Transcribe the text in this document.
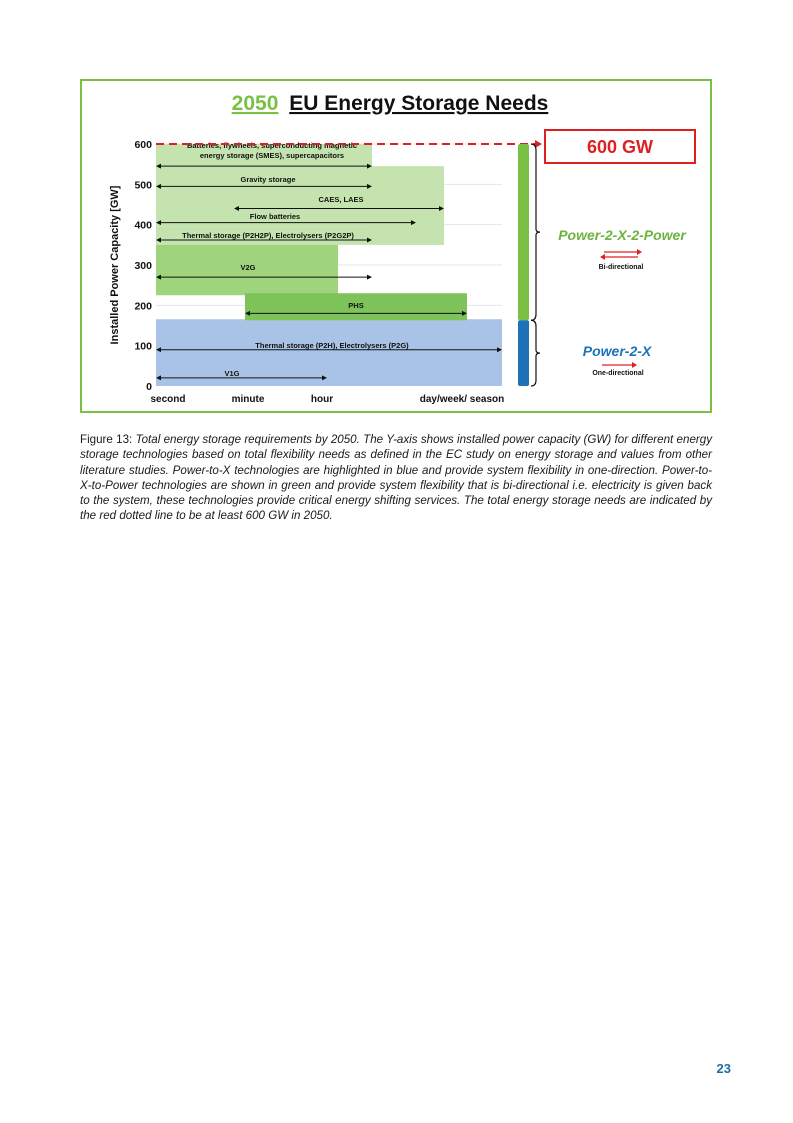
2050 EU Energy Storage Needs
600
500
400
300
200
100
0
Installed Power Capacity [GW]
second	minute	hour	day/week/ season
Batteries, flywheels, superconducting magnetic
energy storage (SMES), supercapacitors
Gravity storage
CAES, LAES
Flow batteries
Thermal storage (P2H2P), Electrolysers (P2G2P)
V2G
PHS
Thermal storage (P2H), Electrolysers (P2G)
V1G
600 GW
Power-2-X-2-Power
Bi-directional
Power-2-X
One-directional

Figure 13: Total energy storage requirements by 2050. The Y-axis shows installed power capacity (GW) for different energy storage technologies based on total flexibility needs as defined in the EC study on energy storage and values from other literature studies. Power-to-X technologies are highlighted in blue and provide system flexibility in one-direction. Power-to-X-to-Power technologies are shown in green and provide system flexibility that is bi-directional i.e. electricity is given back to the system, these technologies provide critical energy shifting services. The total energy storage needs are indicated by the red dotted line to be at least 600 GW in 2050.

23
